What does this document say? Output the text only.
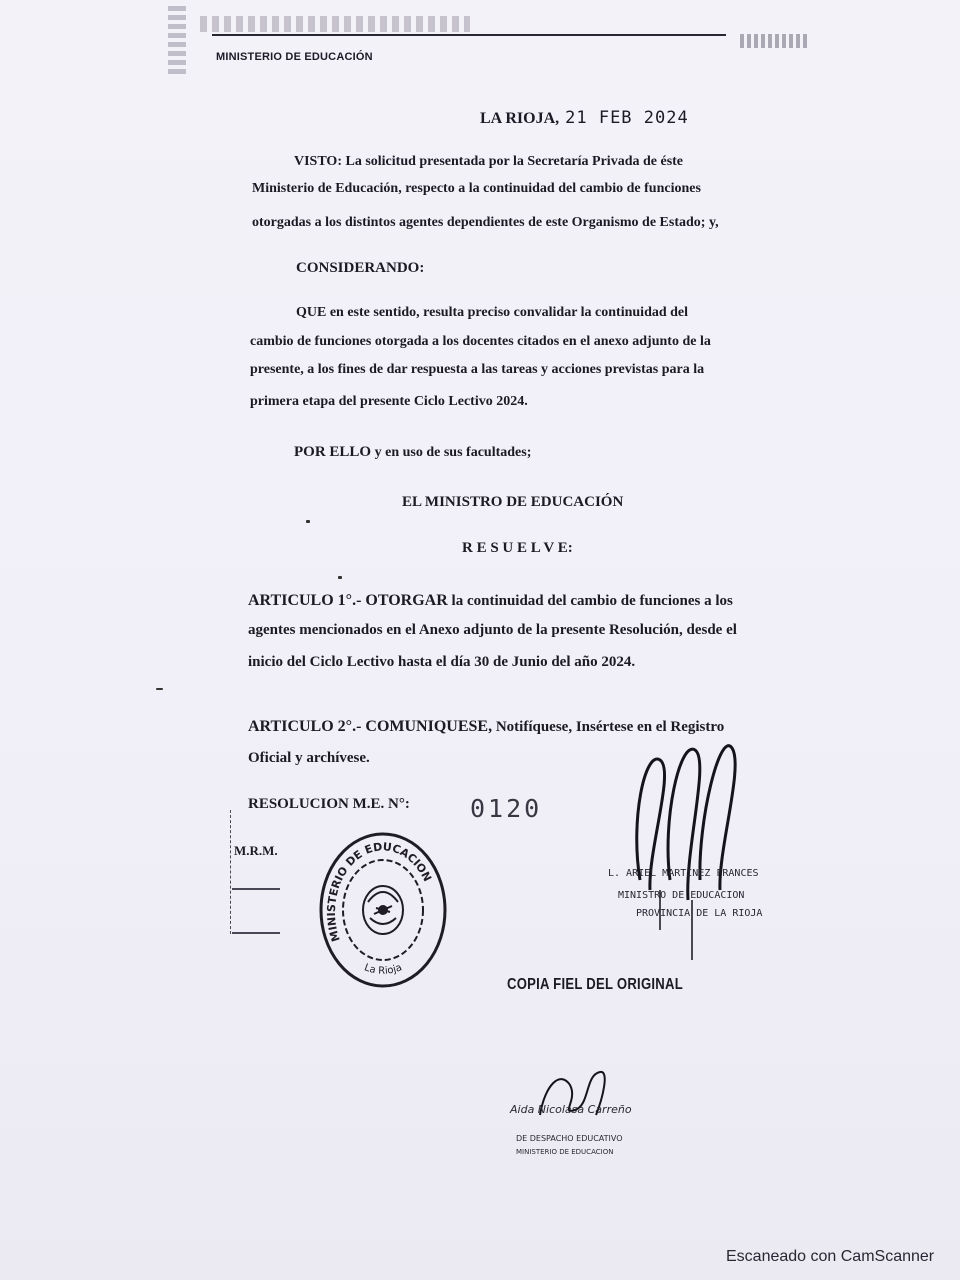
MINISTERIO DE EDUCACIÓN
LA RIOJA, 21 FEB 2024
VISTO: La solicitud presentada por la Secretaría Privada de éste
Ministerio de Educación, respecto a la continuidad del cambio de funciones
otorgadas a los distintos agentes dependientes de este Organismo de Estado; y,
CONSIDERANDO:
QUE en este sentido, resulta preciso convalidar la continuidad del
cambio de funciones otorgada a los docentes citados en el anexo adjunto de la
presente, a los fines de dar respuesta a las tareas y acciones previstas para la
primera etapa del presente Ciclo Lectivo 2024.
POR ELLO y en uso de sus facultades;
EL MINISTRO DE EDUCACIÓN
R E S U E L V E:
ARTICULO 1°.- OTORGAR la continuidad del cambio de funciones a los
agentes mencionados en el Anexo adjunto de la presente Resolución, desde el
inicio del Ciclo Lectivo hasta el día 30 de Junio del año 2024.
ARTICULO 2°.- COMUNIQUESE, Notifíquese, Insértese en el Registro
Oficial y archívese.
RESOLUCION M.E. N°: 0120
M.R.M.
MINISTERIO DE EDUCACION
La Rioja
L. ARIEL MARTINEZ FRANCES
MINISTRO DE EDUCACION
PROVINCIA DE LA RIOJA
COPIA FIEL DEL ORIGINAL
Aida Nicolasa Carreño
DE DESPACHO EDUCATIVO
MINISTERIO DE EDUCACION
Escaneado con CamScanner
